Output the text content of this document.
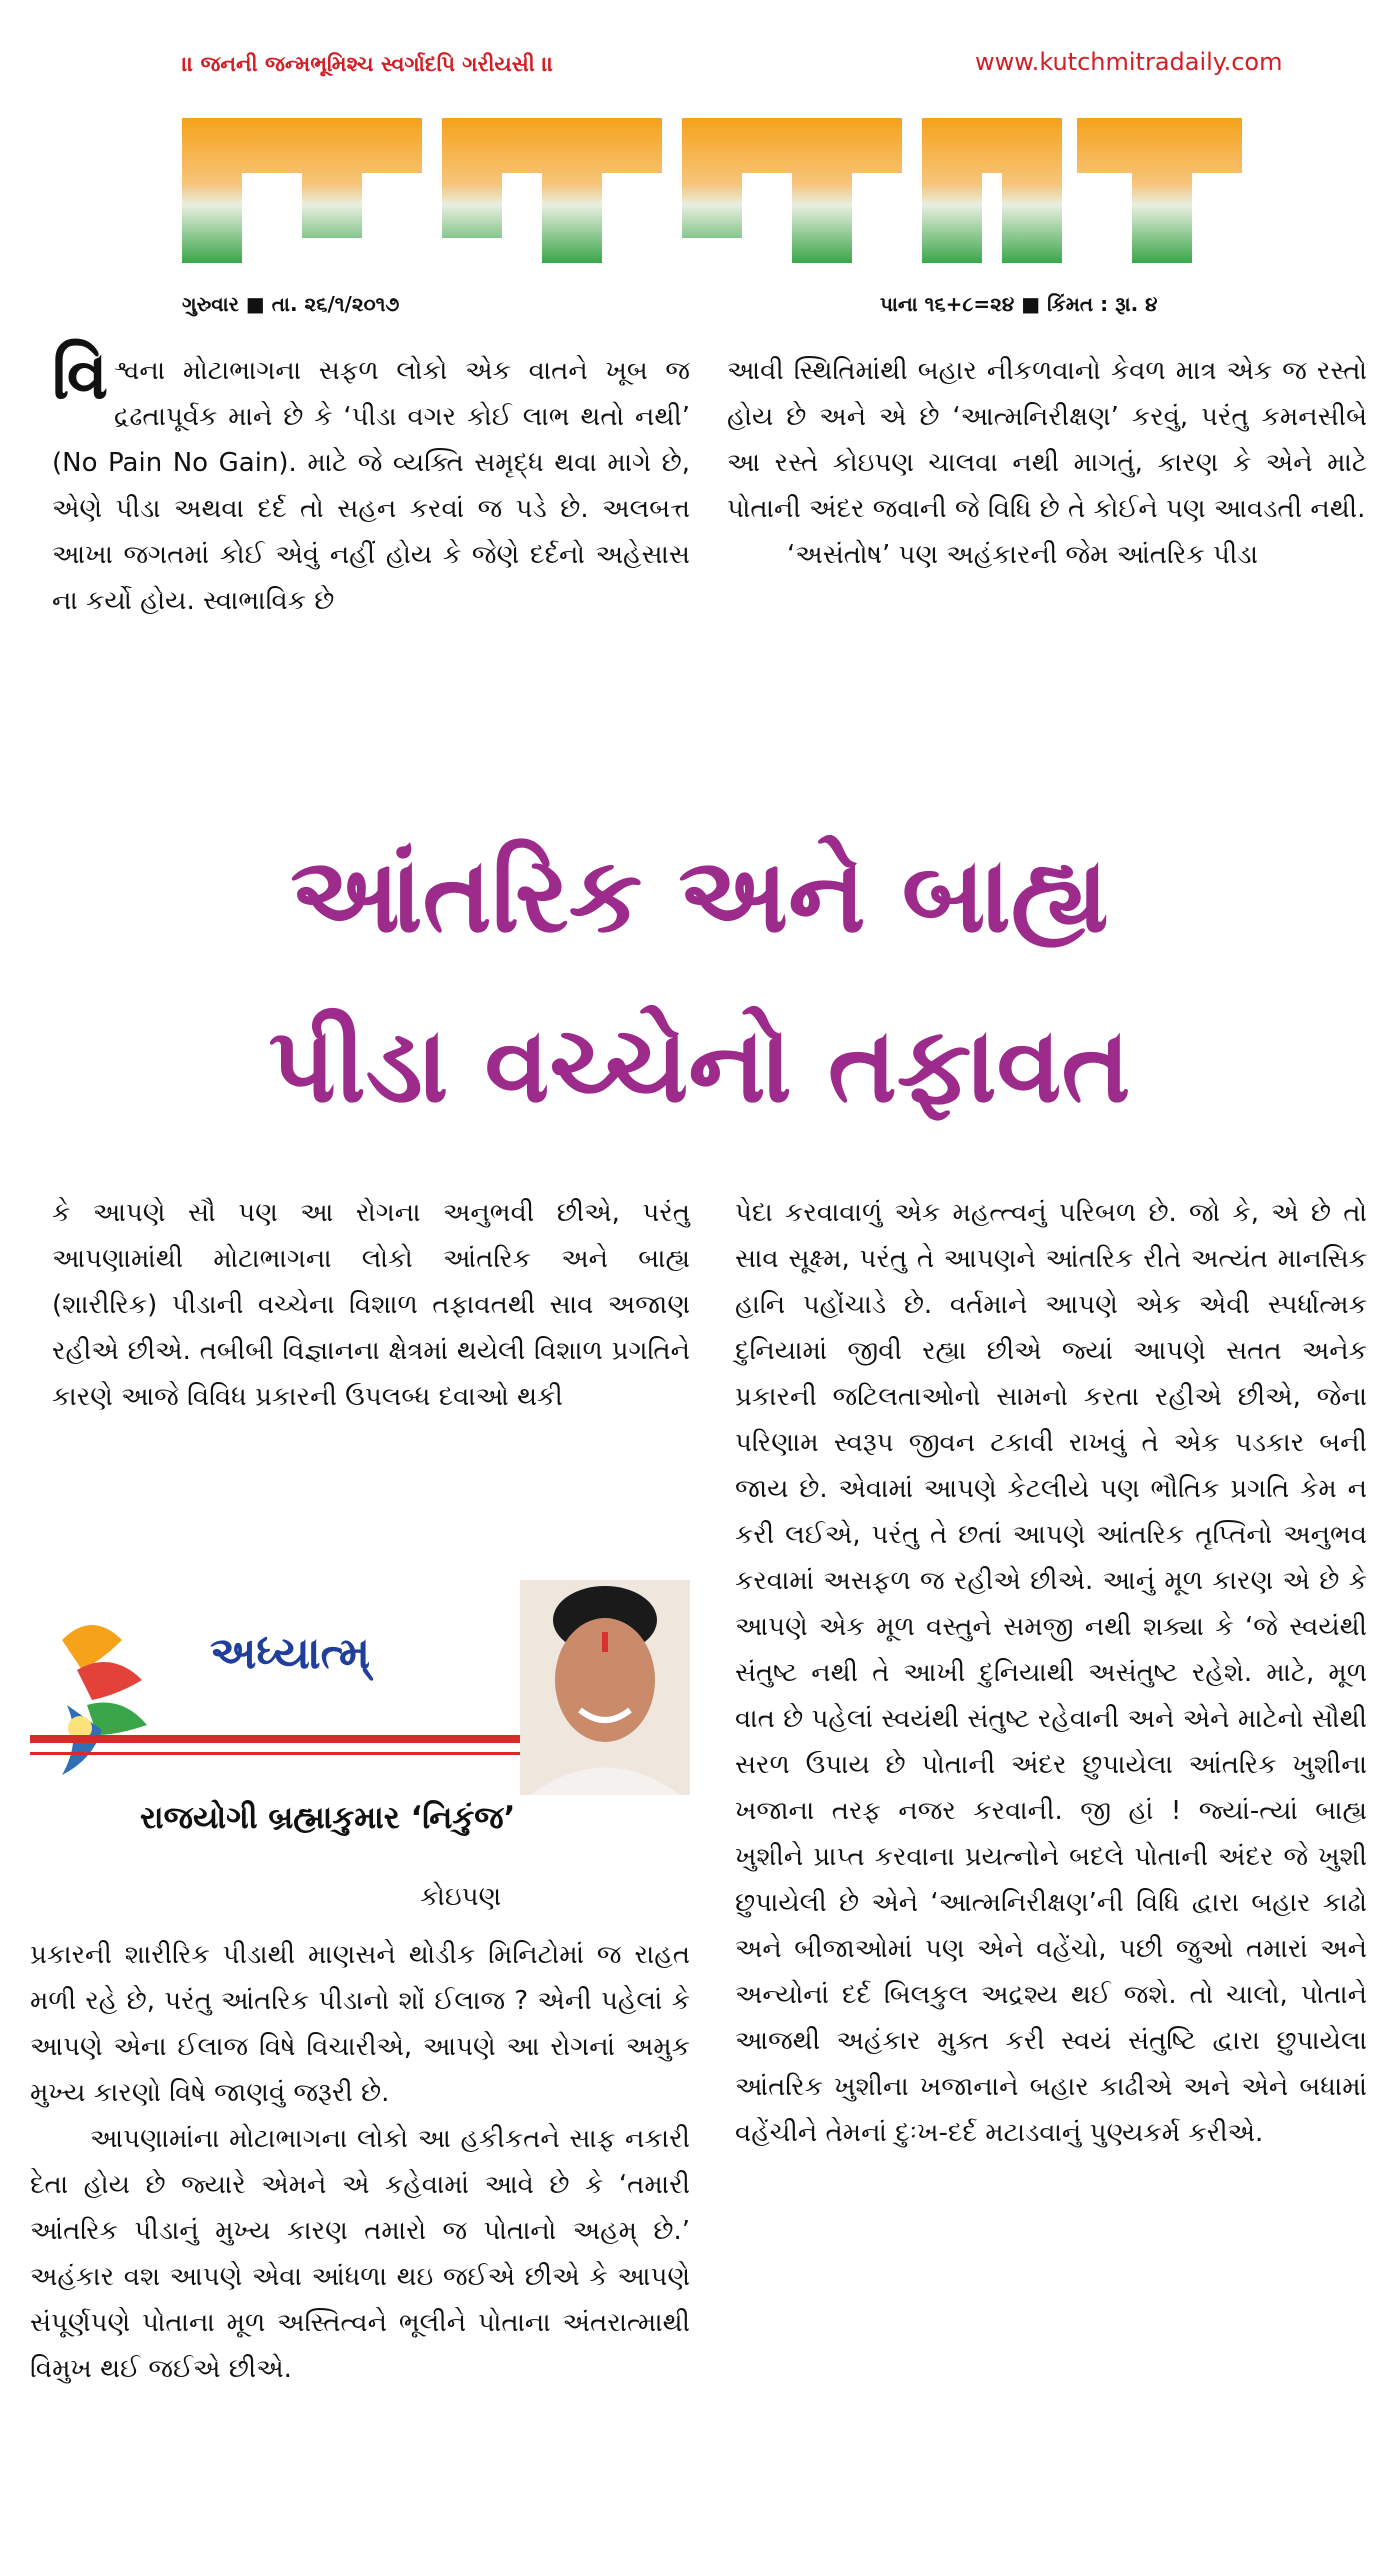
।। જનની જન્મભૂમિશ્ચ સ્વર્ગાદપિ ગરીયસી ।।	www.kutchmitradaily.com
ગુરુવાર ■ તા. ૨૬/૧/૨૦૧૭	પાના ૧૬+૮=૨૪ ■ કિંમત : રૂા. ૪

વિશ્વના મોટાભાગના સફળ લોકો એક વાતને ખૂબ જ દ્રઢતાપૂર્વક માને છે કે ‘પીડા વગર કોઈ લાભ થતો નથી’ (No Pain No Gain). માટે જે વ્યક્તિ સમૃદ્ધ થવા માગે છે, એણે પીડા અથવા દર્દ તો સહન કરવાં જ પડે છે. અલબત્ત આખા જગતમાં કોઈ એવું નહીં હોય કે જેણે દર્દનો અહેસાસ ના કર્યો હોય. સ્વાભાવિક છે

આવી સ્થિતિમાંથી બહાર નીકળવાનો કેવળ માત્ર એક જ રસ્તો હોય છે અને એ છે ‘આત્મનિરીક્ષણ’ કરવું, પરંતુ કમનસીબે આ રસ્તે કોઇપણ ચાલવા નથી માગતું, કારણ કે એને માટે પોતાની અંદર જવાની જે વિધિ છે તે કોઈને પણ આવડતી નથી.

‘અસંતોષ’ પણ અહંકારની જેમ આંતરિક પીડા

આંતરિક અને બાહ્ય
પીડા વચ્ચેનો તફાવત

કે આપણે સૌ પણ આ રોગના અનુભવી છીએ, પરંતુ આપણામાંથી મોટાભાગના લોકો આંતરિક અને બાહ્ય (શારીરિક) પીડાની વચ્ચેના વિશાળ તફાવતથી સાવ અજાણ રહીએ છીએ. તબીબી વિજ્ઞાનના ક્ષેત્રમાં થયેલી વિશાળ પ્રગતિને કારણે આજે વિવિધ પ્રકારની ઉપલબ્ધ દવાઓ થકી

અધ્યાત્મ્
રાજયોગી બ્રહ્માકુમાર ‘નિકુંજ’
કોઇપણ

પ્રકારની શારીરિક પીડાથી માણસને થોડીક મિનિટોમાં જ રાહત મળી રહે છે, પરંતુ આંતરિક પીડાનો શોં ઈલાજ ? એની પહેલાં કે આપણે એના ઈલાજ વિષે વિચારીએ, આપણે આ રોગનાં અમુક મુખ્ય કારણો વિષે જાણવું જરૂરી છે.

આપણામાંના મોટાભાગના લોકો આ હકીકતને સાફ નકારી દેતા હોય છે જ્યારે એમને એ કહેવામાં આવે છે કે ‘તમારી આંતરિક પીડાનું મુખ્ય કારણ તમારો જ પોતાનો અહમ્ છે.’ અહંકાર વશ આપણે એવા આંધળા થઇ જઈએ છીએ કે આપણે સંપૂર્ણપણે પોતાના મૂળ અસ્તિત્વને ભૂલીને પોતાના અંતરાત્માથી વિમુખ થઈ જઈએ છીએ.

પેદા કરવાવાળું એક મહત્ત્વનું પરિબળ છે. જો કે, એ છે તો સાવ સૂક્ષ્મ, પરંતુ તે આપણને આંતરિક રીતે અત્યંત માનસિક હાનિ પહોંચાડે છે. વર્તમાને આપણે એક એવી સ્પર્ધાત્મક દુનિયામાં જીવી રહ્યા છીએ જ્યાં આપણે સતત અનેક પ્રકારની જટિલતાઓનો સામનો કરતા રહીએ છીએ, જેના પરિણામ સ્વરૂપ જીવન ટકાવી રાખવું તે એક પડકાર બની જાય છે. એવામાં આપણે કેટલીયે પણ ભૌતિક પ્રગતિ કેમ ન કરી લઈએ, પરંતુ તે છતાં આપણે આંતરિક તૃપ્તિનો અનુભવ કરવામાં અસફળ જ રહીએ છીએ. આનું મૂળ કારણ એ છે કે આપણે એક મૂળ વસ્તુને સમજી નથી શક્યા કે ‘જે સ્વયંથી સંતુષ્ટ નથી તે આખી દુનિયાથી અસંતુષ્ટ રહેશે. માટે, મૂળ વાત છે પહેલાં સ્વયંથી સંતુષ્ટ રહેવાની અને એને માટેનો સૌથી સરળ ઉપાય છે પોતાની અંદર છુપાયેલા આંતરિક ખુશીના ખજાના તરફ નજર કરવાની. જી હાં ! જ્યાં-ત્યાં બાહ્ય ખુશીને પ્રાપ્ત કરવાના પ્રયત્નોને બદલે પોતાની અંદર જે ખુશી છુપાયેલી છે એને ‘આત્મનિરીક્ષણ’ની વિધિ દ્વારા બહાર કાઢો અને બીજાઓમાં પણ એને વહેંચો, પછી જુઓ તમારાં અને અન્યોનાં દર્દ બિલકુલ અદ્રશ્ય થઈ જશે. તો ચાલો, પોતાને આજથી અહંકાર મુક્ત કરી સ્વયં સંતુષ્ટિ દ્વારા છુપાયેલા આંતરિક ખુશીના ખજાનાને બહાર કાઢીએ અને એને બધામાં વહેંચીને તેમનાં દુઃખ-દર્દ મટાડવાનું પુણ્યકર્મ કરીએ.
